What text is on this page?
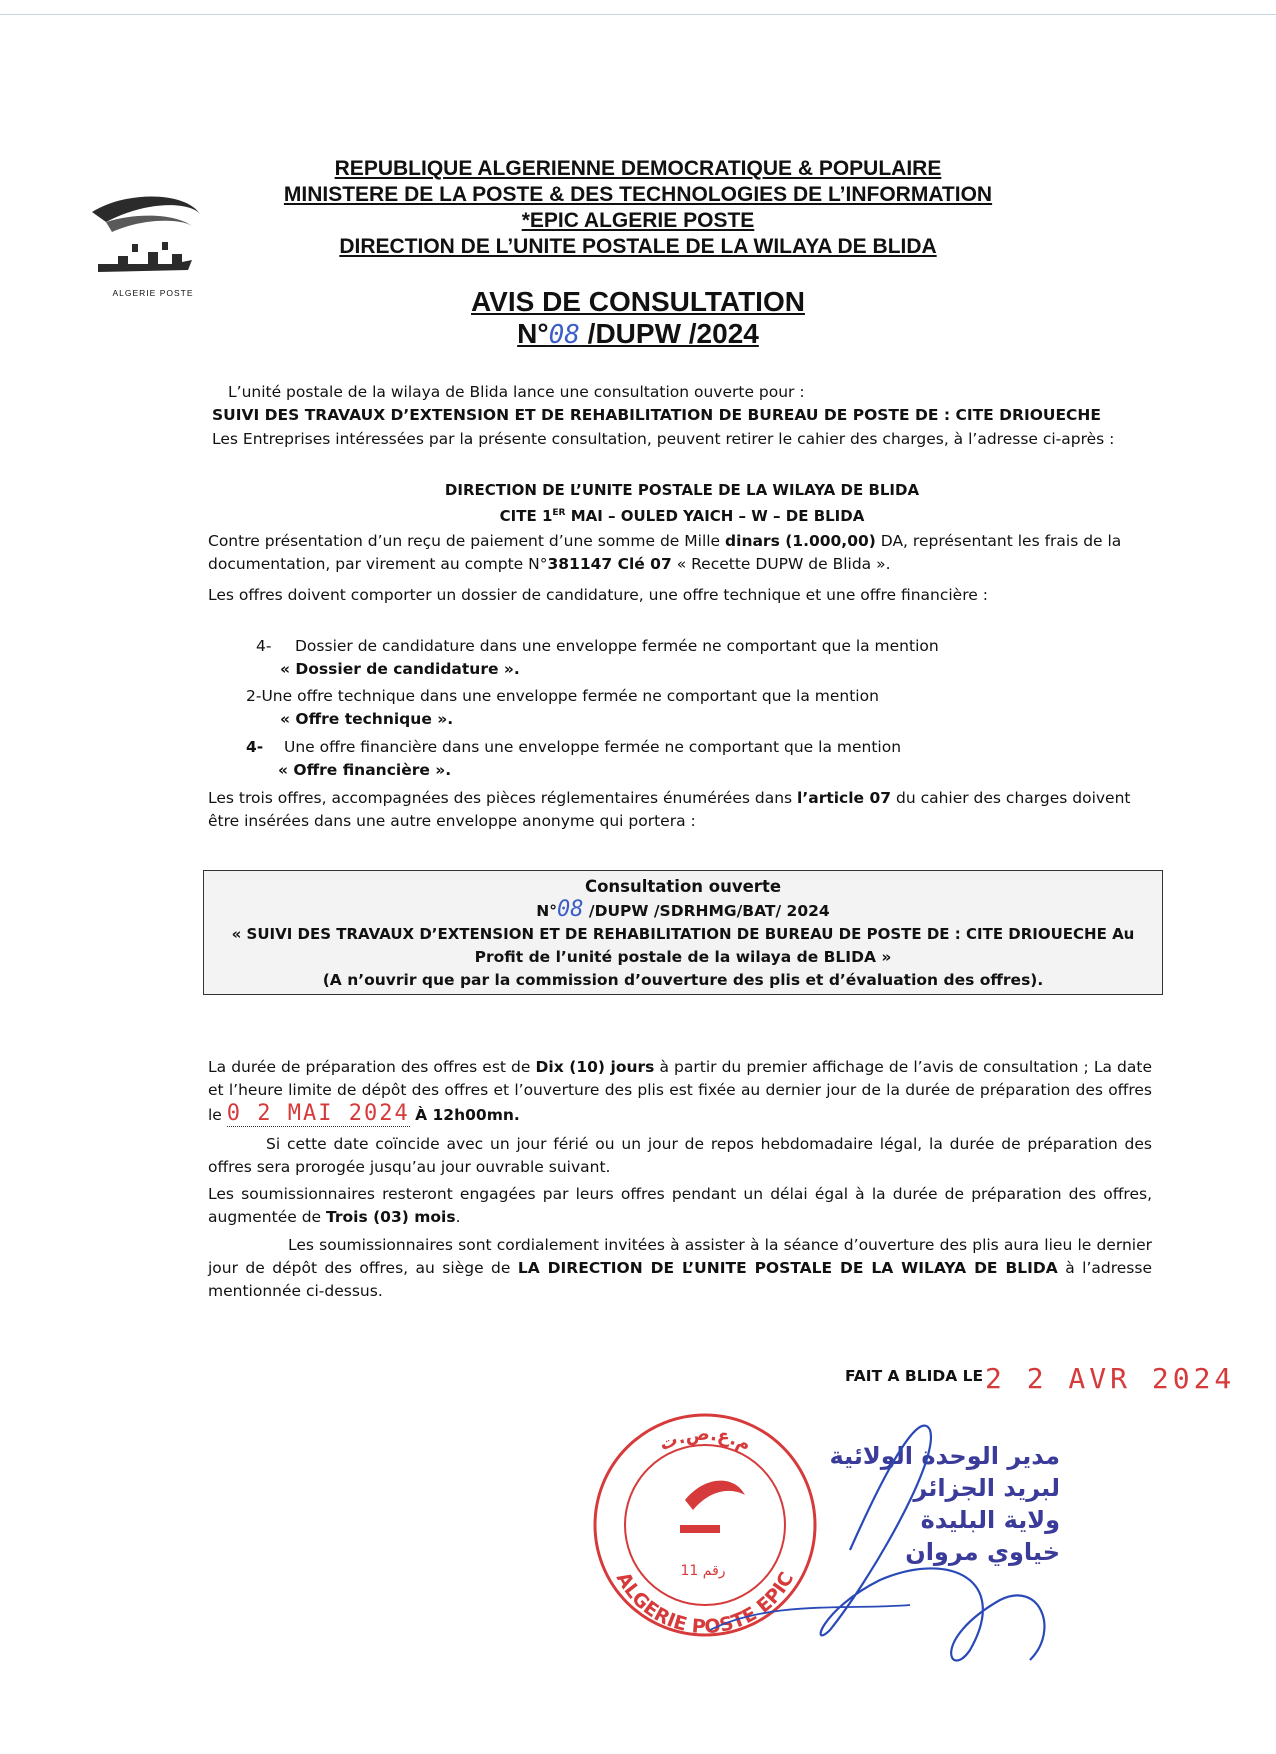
ALGERIE POSTE
REPUBLIQUE ALGERIENNE DEMOCRATIQUE & POPULAIRE
MINISTERE DE LA POSTE & DES TECHNOLOGIES DE L’INFORMATION
*EPIC ALGERIE POSTE
DIRECTION DE L’UNITE POSTALE DE LA WILAYA DE BLIDA
AVIS DE CONSULTATION
N°08 /DUPW /2024
L’unité postale de la wilaya de Blida lance une consultation ouverte pour :
SUIVI DES TRAVAUX D’EXTENSION ET DE REHABILITATION DE BUREAU DE POSTE DE : CITE DRIOUECHE
Les Entreprises intéressées par la présente consultation, peuvent retirer le cahier des charges, à l’adresse ci-après :
DIRECTION DE L’UNITE POSTALE DE LA WILAYA DE BLIDA
CITE 1ER MAI – OULED YAICH – W – DE BLIDA
Contre présentation d’un reçu de paiement d’une somme de Mille dinars (1.000,00) DA, représentant les frais de la documentation, par virement au compte N°381147 Clé 07 « Recette DUPW de Blida ».
Les offres doivent comporter un dossier de candidature, une offre technique et une offre financière :
4- Dossier de candidature dans une enveloppe fermée ne comportant que la mention
« Dossier de candidature ».
2-Une offre technique dans une enveloppe fermée ne comportant que la mention
« Offre technique ».
4- Une offre financière dans une enveloppe fermée ne comportant que la mention
« Offre financière ».
Les trois offres, accompagnées des pièces réglementaires énumérées dans l’article 07 du cahier des charges doivent être insérées dans une autre enveloppe anonyme qui portera :
Consultation ouverte
N°08 /DUPW /SDRHMG/BAT/ 2024
« SUIVI DES TRAVAUX D’EXTENSION ET DE REHABILITATION DE BUREAU DE POSTE DE : CITE DRIOUECHE Au
Profit de l’unité postale de la wilaya de BLIDA »
(A n’ouvrir que par la commission d’ouverture des plis et d’évaluation des offres).
La durée de préparation des offres est de Dix (10) jours à partir du premier affichage de l’avis de consultation ; La date et l’heure limite de dépôt des offres et l’ouverture des plis est fixée au dernier jour de la durée de préparation des offres le 0 2 MAI 2024 À 12h00mn.
Si cette date coïncide avec un jour férié ou un jour de repos hebdomadaire légal, la durée de préparation des offres sera prorogée jusqu’au jour ouvrable suivant.
Les soumissionnaires resteront engagées par leurs offres pendant un délai égal à la durée de préparation des offres, augmentée de Trois (03) mois.
Les soumissionnaires sont cordialement invitées à assister à la séance d’ouverture des plis aura lieu le dernier jour de dépôt des offres, au siège de LA DIRECTION DE L’UNITE POSTALE DE LA WILAYA DE BLIDA à l’adresse mentionnée ci-dessus.
FAIT A BLIDA LE 2 2 AVR 2024
م.ع.ص.ت
ALGERIE POSTE EPIC
رقم 11
مدير الوحدة الولائية
لبريد الجزائر
ولاية البليدة
خياوي مروان
